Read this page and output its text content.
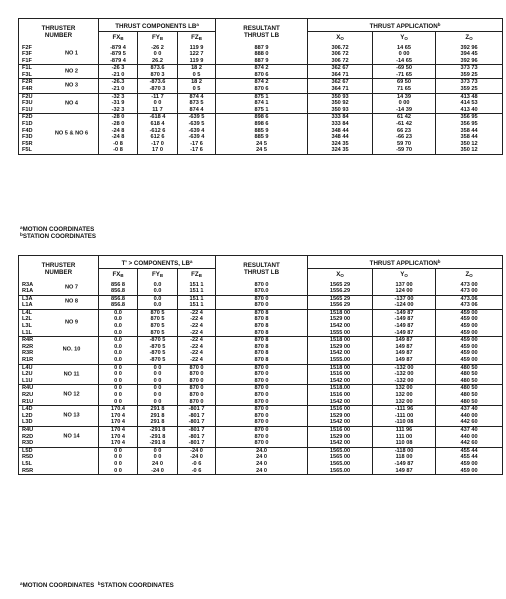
THRUSTER NUMBER		THRUST COMPONENTS $LB^a$			RESULTANT THRUST LB	THRUST APPLICATION$^b$
		$FX_B$	$FY_B$	$FZ_B$		$X_O$	$Y_O$	$Z_O$
F2F	NO 1	-879 4	-26 2	119 9	887 9	306.72	14 65	392 96
F3F		-879 5	0 0	122 7	888 0	306 72	0 00	394 45
F1F		-879 4	26.2	119 9	887 9	306 72	-14 65	392 96
F1L	NO 2	-26 3	873.6	18 2	874 2	362 67	-69 50	373 73
F3L		-21 0	870 3	0 5	870 6	364 71	-71 65	359 25
F2R	NO 3	-26.3	-873.6	18 2	874 2	362 67	69 50	373 73
F4R		-21 0	-870 3	0 5	870 6	364 71	71 65	359 25
F2U	NO 4	-32 3	-11 7	874 4	875 1	350 93	14 39	413 48
F3U		-31 9	0 0	873 5	874 1	350 92	0 00	414 53
F1U		-32 3	11 7	874 4	875 1	350 93	-14 39	413 40
F2D	NO 5 & NO 6	-28 0	-618 4	-639 5	898 6	333 84	61 42	356 95
F1D		-28 0	618 4	-639 5	898 6	333 84	-61 42	356 95
F4D		-24 8	-612 6	-639 4	885 9	348 44	66 23	358 44
F3D		-24 8	612 6	-639 4	885 9	348 44	-66 23	358 44
F5R		-0 8	-17 0	-17 6	24 5	324 35	59 70	350 12
F5L		-0 8	17 0	-17 6	24 5	324 35	-59 70	350 12
$^a$MOTION COORDINATES
$^b$STATION COORDINATES
THRUSTER NUMBER		T' > COMPONENTS, $LB^a$			RESULTANT THRUST LB	THRUST APPLICATION$^b$
		$FX_B$	$FY_B$	$FZ_B$		$X_O$	$Y_O$	$Z_O$
R3A	NO 7	856 8	0.0	151 1	870 0	1565 29	137 00	473 00
R1A		856.8	0.0	151 1	870.0	1556.29	124 00	473 00
L3A	NO 8	856.8	0.0	151 1	870 0	1565 29	-137 00	473.06
L1A		856.8	0.0	151 1	870 0	1556 29	-124 00	473 06
L4L	NO 9	0.0	870 5	-22 4	870 8	1518 00	-149 87	459 00
L2L		0.0	870 5	-22 4	870 8	1529 00	-149 87	459 00
L3L		0.0	870 5	-22 4	870 8	1542 00	-149 87	459 00
L1L		0.0	870 5	-22 4	870 8	1555 00	-149 87	459 00
R4R	NO. 10	0.0	-870 5	-22 4	870 8	1518 00	149 87	459 00
R2R		0.0	-870 5	-22 4	870 8	1529 00	149 87	459 00
R3R		0.0	-870 5	-22 4	870 8	1542 00	149 87	459 00
R1R		0.0	-870 5	-22 4	870 8	1555.00	149 87	459 00
L4U	NO 11	0 0	0 0	870 0	870 0	1518 00	-132 00	480 50
L2U		0 0	0 0	870 0	870 0	1516 00	-132 00	480 50
L1U		0 0	0 0	870 0	870 0	1542 00	-132 00	480 50
R4U	NO 12	0 0	0 0	870 0	870 0	1518.00	132 00	480 50
R2U		0 0	0 0	870 0	870 0	1516 00	132 00	480 50
R1U		0 0	0 0	870 0	870 0	1542 00	132 00	480 50
L4D	NO 13	170.4	291 8	-801 7	870 0	1516 00	-111 96	437 40
L2D		170 4	291 8	-801 7	870 0	1529 00	-111 00	440 00
L3D		170 4	291 8	-801 7	870 0	1542 00	-110 08	442 60
R4U	NO 14	170 4	-291 8	-801 7	870 0	1516 00	111 96	437 40
R2D		170 4	-291 8	-801 7	870 0	1529 00	111 00	440 00
R3D		170 4	-291 8	-801 7	870 0	1542 00	110 08	442 60
L5D		0 0	0 0	-24 0	24.0	1565.00	-118 00	455 44
R5D		0 0	0 0	-24 0	24 0	1565 00	118 00	455 44
L5L		0 0	24 0	-0 6	24 0	1565.00	-149 87	459 00
R5R		0 0	-24 0	-0 6	24 0	1565.00	149 87	459 00
$^a$MOTION COORDINATES $^b$STATION COORDINATES
